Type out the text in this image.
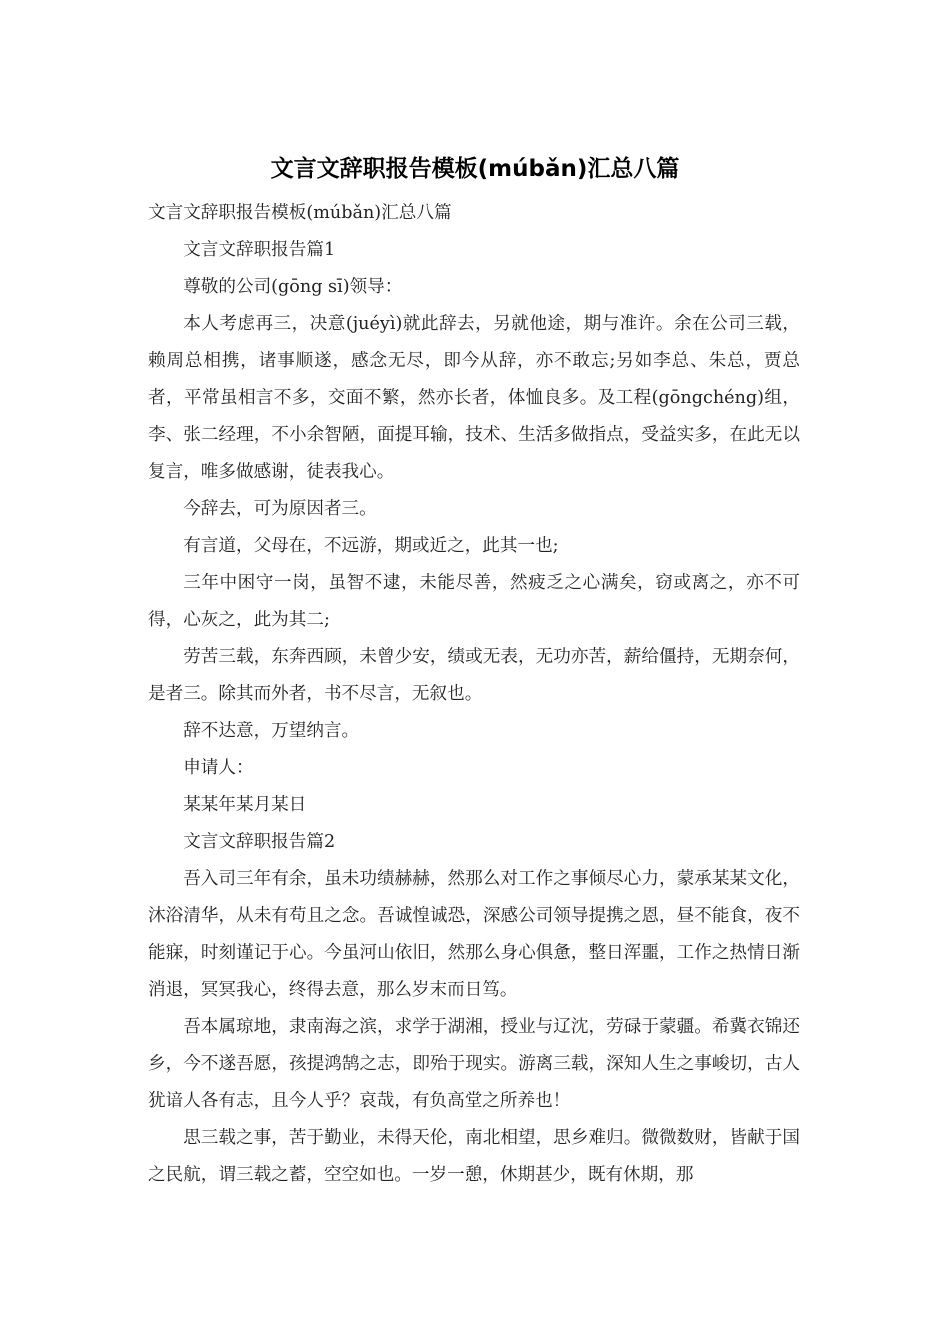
文言文辞职报告模板(múbǎn)汇总八篇

文言文辞职报告模板(múbǎn)汇总八篇

文言文辞职报告篇1

尊敬的公司(gōng sī)领导：

本人考虑再三，决意(juéyì)就此辞去，另就他途，期与准许。余在公司三载，赖周总相携，诸事顺遂，感念无尽，即今从辞，亦不敢忘;另如李总、朱总，贾总者，平常虽相言不多，交面不繁，然亦长者，体恤良多。及工程(gōngchéng)组，李、张二经理，不小余智陋，面提耳输，技术、生活多做指点，受益实多，在此无以复言，唯多做感谢，徒表我心。

今辞去，可为原因者三。

有言道，父母在，不远游，期或近之，此其一也;

三年中困守一岗，虽智不逮，未能尽善，然疲乏之心满矣，窃或离之，亦不可得，心灰之，此为其二;

劳苦三载，东奔西顾，未曾少安，绩或无表，无功亦苦，薪给僵持，无期奈何，是者三。除其而外者，书不尽言，无叙也。

辞不达意，万望纳言。

申请人：

某某年某月某日

文言文辞职报告篇2

吾入司三年有余，虽未功绩赫赫，然那么对工作之事倾尽心力，蒙承某某文化，沐浴清华，从未有苟且之念。吾诚惶诚恐，深感公司领导提携之恩，昼不能食，夜不能寐，时刻谨记于心。今虽河山依旧，然那么身心俱惫，整日浑噩，工作之热情日渐消退，冥冥我心，终得去意，那么岁末而日笃。

吾本属琼地，隶南海之滨，求学于湖湘，授业与辽沈，劳碌于蒙疆。希冀衣锦还乡，今不遂吾愿，孩提鸿鹄之志，即殆于现实。游离三载，深知人生之事峻切，古人犹谙人各有志，且今人乎？哀哉，有负高堂之所养也！

思三载之事，苦于勤业，未得天伦，南北相望，思乡难归。微微数财，皆献于国之民航，谓三载之蓄，空空如也。一岁一憩，休期甚少，既有休期，那
